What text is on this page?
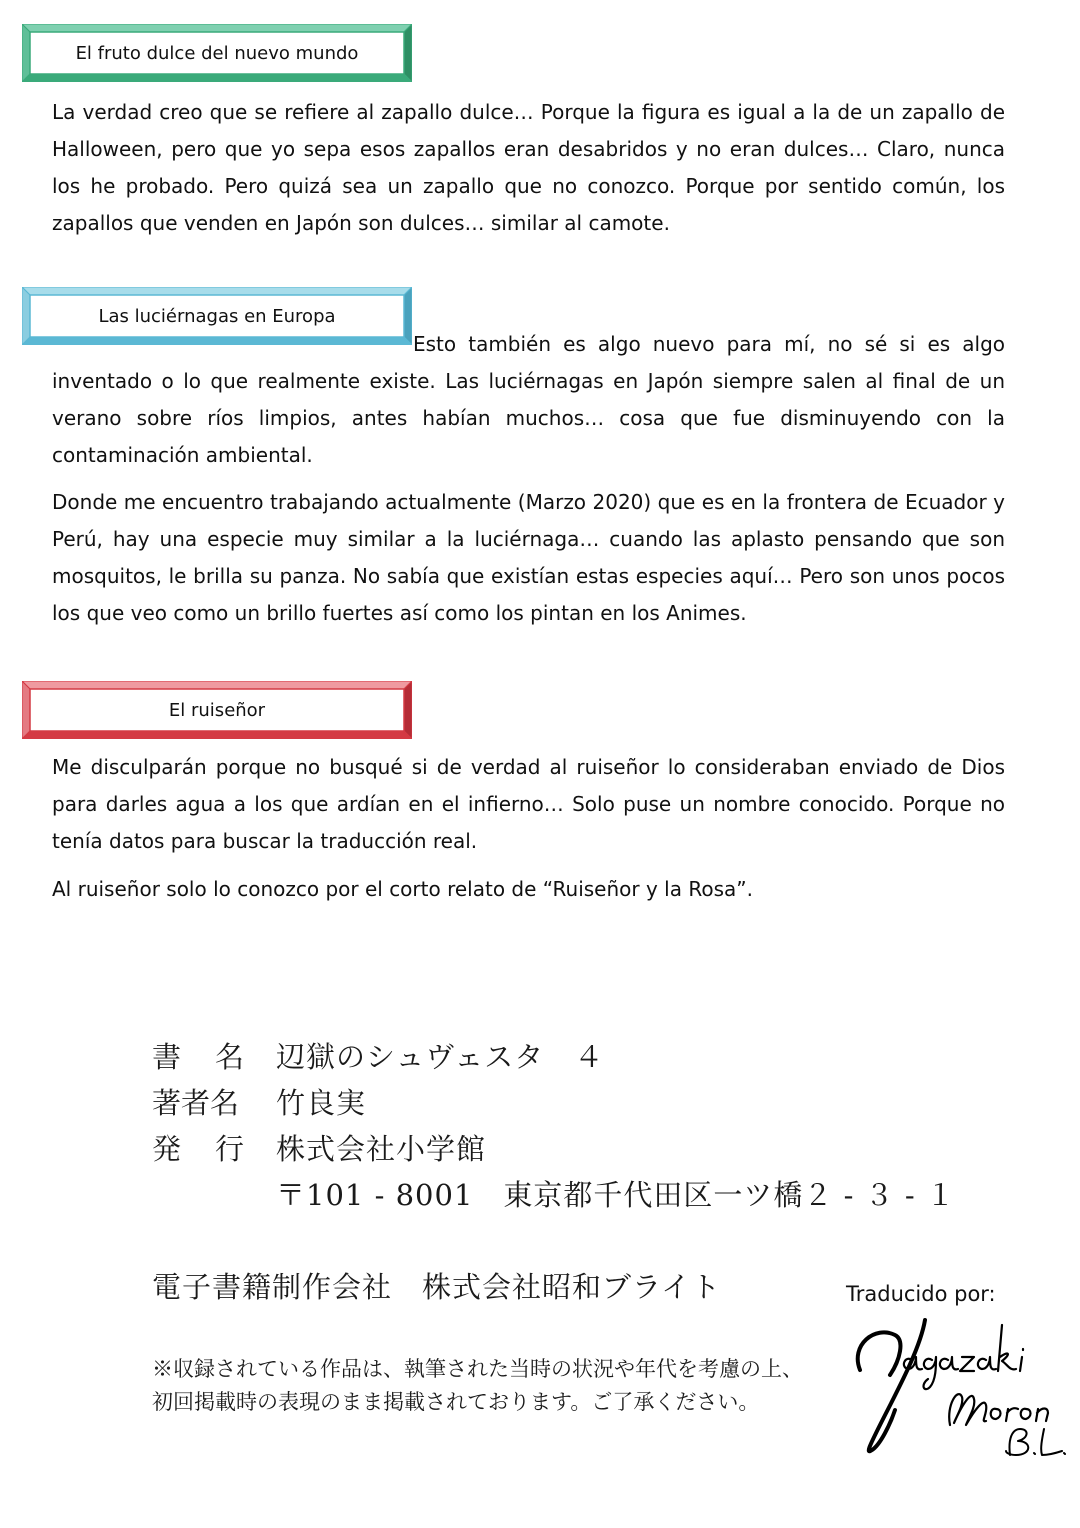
El fruto dulce del nuevo mundo

La verdad creo que se refiere al zapallo dulce… Porque la figura es igual a la de un zapallo de Halloween, pero que yo sepa esos zapallos eran desabridos y no eran dulces… Claro, nunca los he probado. Pero quizá sea un zapallo que no conozco. Porque por sentido común, los zapallos que venden en Japón son dulces… similar al camote.

Las luciérnagas en Europa

Esto también es algo nuevo para mí, no sé si es algo inventado o lo que realmente existe. Las luciérnagas en Japón siempre salen al final de un verano sobre ríos limpios, antes habían muchos… cosa que fue disminuyendo con la contaminación ambiental.

Donde me encuentro trabajando actualmente (Marzo 2020) que es en la frontera de Ecuador y Perú, hay una especie muy similar a la luciérnaga… cuando las aplasto pensando que son mosquitos, le brilla su panza. No sabía que existían estas especies aquí… Pero son unos pocos los que veo como un brillo fuertes así como los pintan en los Animes.

El ruiseñor

Me disculparán porque no busqué si de verdad al ruiseñor lo consideraban enviado de Dios para darles agua a los que ardían en el infierno… Solo puse un nombre conocido. Porque no tenía datos para buscar la traducción real.

Al ruiseñor solo lo conozco por el corto relato de “Ruiseñor y la Rosa”.

書名
辺獄のシュヴェスタ　４
著者名 竹良実
発行
株式会社小学館
〒101 - 8001　東京都千代田区一ツ橋２ - ３ - １
電子書籍制作会社　株式会社昭和ブライト
※収録されている作品は、執筆された当時の状況や年代を考慮の上、
初回掲載時の表現のまま掲載されております。ご了承ください。
Traducido por:
